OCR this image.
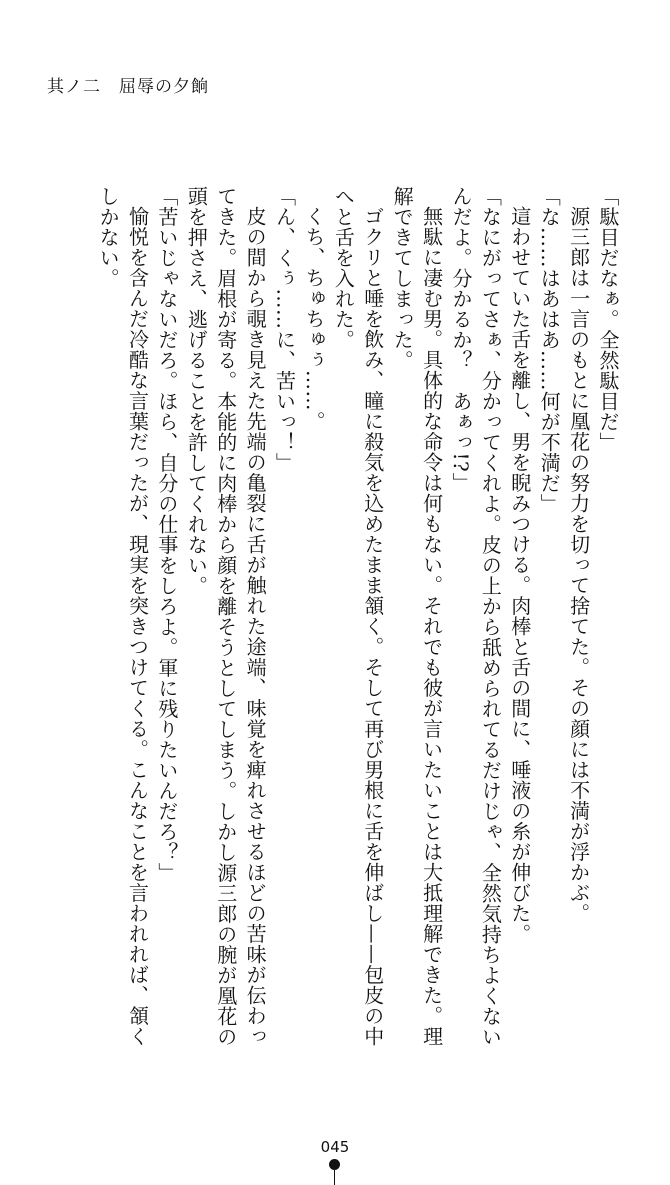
其ノ二　屈辱の夕餉

「駄目だなぁ。全然駄目だ」

源三郎は一言のもとに凰花の努力を切って捨てた。その顔には不満が浮かぶ。

「な……はあはあ……何が不満だ」

這わせていた舌を離し、男を睨みつける。肉棒と舌の間に、唾液の糸が伸びた。

「なにがってさぁ、分かってくれよ。皮の上から舐められてるだけじゃ、全然気持ちよくないんだよ。分かるか？　あぁっ!?」

無駄に凄む男。具体的な命令は何もない。それでも彼が言いたいことは大抵理解できた。理解できてしまった。

ゴクリと唾を飲み、瞳に殺気を込めたまま頷く。そして再び男根に舌を伸ばし——包皮の中へと舌を入れた。

くち、ちゅちゅぅ……。

「ん、くぅ……に、苦いっ！」

皮の間から覗き見えた先端の亀裂に舌が触れた途端、味覚を痺れさせるほどの苦味が伝わってきた。眉根が寄る。本能的に肉棒から顔を離そうとしてしまう。しかし源三郎の腕が凰花の頭を押さえ、逃げることを許してくれない。

「苦いじゃないだろ。ほら、自分の仕事をしろよ。軍に残りたいんだろ？」

愉悦を含んだ冷酷な言葉だったが、現実を突きつけてくる。こんなことを言われれば、頷くしかない。

045
